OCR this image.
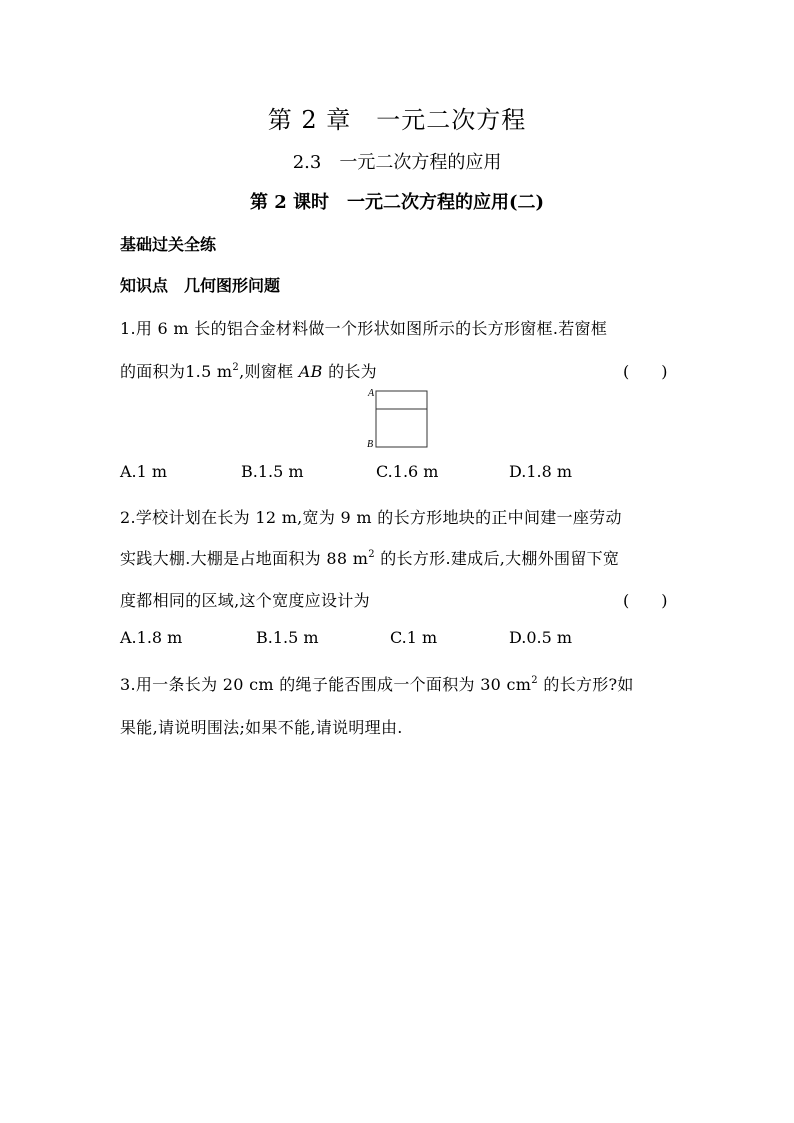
第 2 章　一元二次方程
2.3　一元二次方程的应用
第 2 课时　一元二次方程的应用(二)
基础过关全练
知识点　几何图形问题
1.用 6 m 长的铝合金材料做一个形状如图所示的长方形窗框.若窗框
的面积为1.5 $m^2$,则窗框 AB 的长为	(　　)
A
B
A.1 m	B.1.5 m	C.1.6 m	D.1.8 m
2.学校计划在长为 12 m,宽为 9 m 的长方形地块的正中间建一座劳动
实践大棚.大棚是占地面积为 88 $m^2$ 的长方形.建成后,大棚外围留下宽
度都相同的区域,这个宽度应设计为	(　　)
A.1.8 m	B.1.5 m	C.1 m	D.0.5 m
3.用一条长为 20 cm 的绳子能否围成一个面积为 30 $cm^2$ 的长方形?如
果能,请说明围法;如果不能,请说明理由.
